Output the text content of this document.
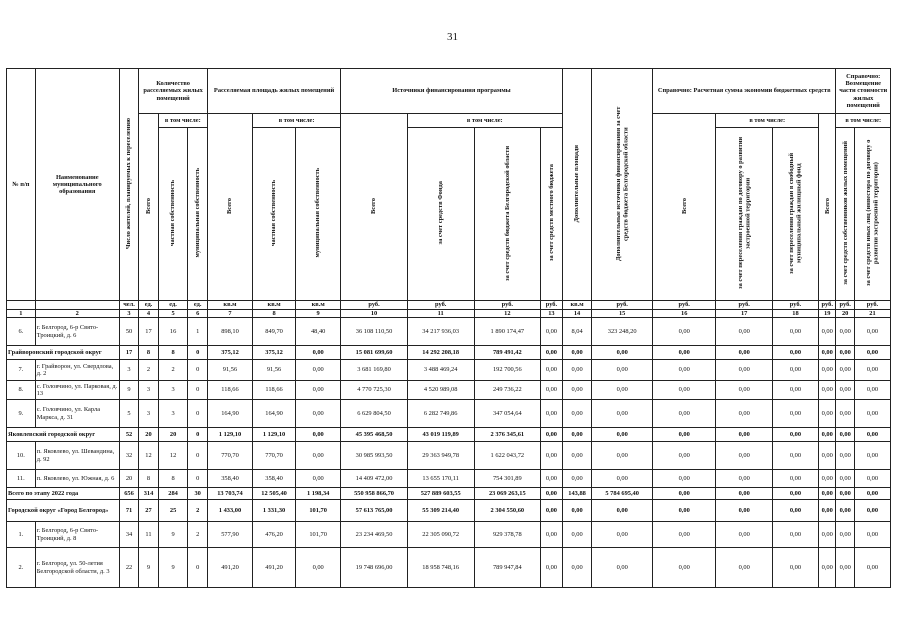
31
№ п/п	Наименование муниципального образования	Число жителей, планируемых к переселению	Количество расселяемых жилых помещений			Расселяемая площадь жилых помещений			Источники финансирования программы				Дополнительные площади	Дополнительные источники финансирования за счет средств бюджета Белгородской области	Справочно: Расчетная сумма экономии бюджетных средств				Справочно: Возмещение части стоимости жилых помещений	
			Всего	в том числе:		Всего	в том числе:		Всего	в том числе:					Всего	в том числе:		Всего	в том числе:	
				частная собственность	муниципальная собственность		частная собственность	муниципальная собственность		за счет средств Фонда	за счет средств бюджета Белгородской области	за счет средств местного бюджета				за счет переселения граждан по договору о развитии застроенной территории	за счет переселения граждан в свободный муниципальный жилищный фонд		за счет средств собственников жилых помещений	за счет средств иных лиц (инвестора по договору о развитии застроенной территории)
		чел.	ед.	ед.	ед.	кв.м	кв.м	кв.м	руб.	руб.	руб.	руб.	кв.м	руб.	руб.	руб.	руб.	руб.	руб.	руб.
1	2	3	4	5	6	7	8	9	10	11	12	13	14	15	16	17	18	19	20	21
6.	г. Белгород, 6-р Святo-Троицкий, д. 6	50	17	16	1	898,10	849,70	48,40	36 108 110,50	34 217 936,03	1 890 174,47	0,00	8,04	323 248,20	0,00	0,00	0,00	0,00	0,00	0,00
Грайворонский городской округ		17	8	8	0	375,12	375,12	0,00	15 081 699,60	14 292 208,18	789 491,42	0,00	0,00	0,00	0,00	0,00	0,00	0,00	0,00	0,00
7.	г. Грайворон, ул. Свердлова, д. 2	3	2	2	0	91,56	91,56	0,00	3 681 169,80	3 488 469,24	192 700,56	0,00	0,00	0,00	0,00	0,00	0,00	0,00	0,00	0,00
8.	с. Головчино, ул. Парковая, д. 13	9	3	3	0	118,66	118,66	0,00	4 770 725,30	4 520 989,08	249 736,22	0,00	0,00	0,00	0,00	0,00	0,00	0,00	0,00	0,00
9.	с. Головчино, ул. Карла Маркса, д. 31	5	3	3	0	164,90	164,90	0,00	6 629 804,50	6 282 749,86	347 054,64	0,00	0,00	0,00	0,00	0,00	0,00	0,00	0,00	0,00
Яковлевский городской округ		52	20	20	0	1 129,10	1 129,10	0,00	45 395 468,50	43 019 119,89	2 376 345,61	0,00	0,00	0,00	0,00	0,00	0,00	0,00	0,00	0,00
10.	п. Яковлево, ул. Шевандина, д. 92	32	12	12	0	770,70	770,70	0,00	30 985 993,50	29 363 949,78	1 622 043,72	0,00	0,00	0,00	0,00	0,00	0,00	0,00	0,00	0,00
11.	п. Яковлево, ул. Южная, д. 6	20	8	8	0	358,40	358,40	0,00	14 409 472,00	13 655 170,11	754 301,89	0,00	0,00	0,00	0,00	0,00	0,00	0,00	0,00	0,00
Всего по этапу 2022 года		656	314	284	30	13 703,74	12 505,40	1 198,34	550 958 866,70	527 889 603,55	23 069 263,15	0,00	143,88	5 784 695,40	0,00	0,00	0,00	0,00	0,00	0,00
Городской округ «Город Белгород»		71	27	25	2	1 433,00	1 331,30	101,70	57 613 765,00	55 309 214,40	2 304 550,60	0,00	0,00	0,00	0,00	0,00	0,00	0,00	0,00	0,00
1.	г. Белгород, 6-р Святo-Троицкий, д. 8	34	11	9	2	577,90	476,20	101,70	23 234 469,50	22 305 090,72	929 378,78	0,00	0,00	0,00	0,00	0,00	0,00	0,00	0,00	0,00
2.	г. Белгород, ул. 50-летия Белгородской области, д. 3	22	9	9	0	491,20	491,20	0,00	19 748 696,00	18 958 748,16	789 947,84	0,00	0,00	0,00	0,00	0,00	0,00	0,00	0,00	0,00
